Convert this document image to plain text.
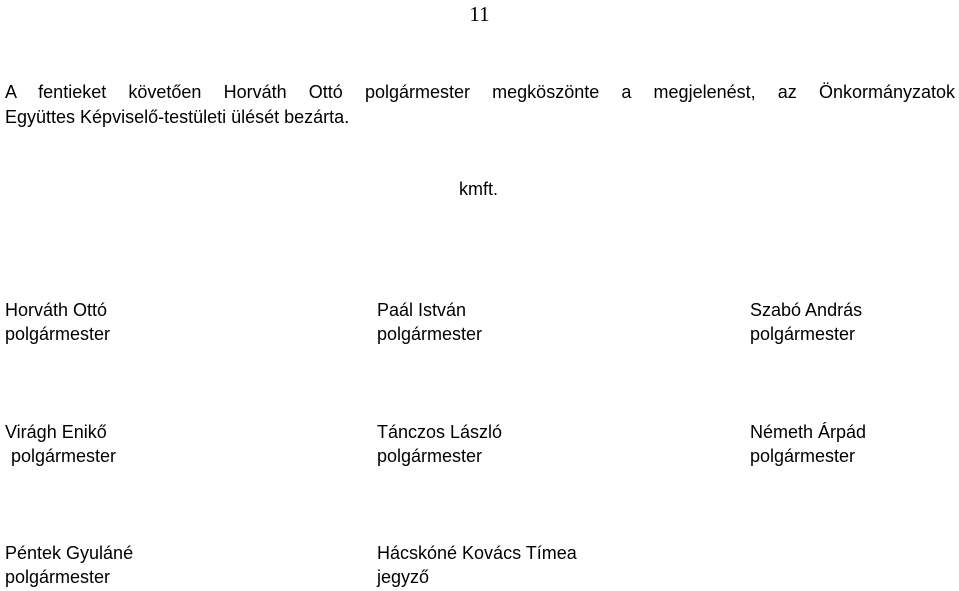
11
A fentieket követően Horváth Ottó polgármester megköszönte a megjelenést, az Önkormányzatok
Együttes Képviselő-testületi ülését bezárta.
kmft.
Horváth Ottó
polgármester
Paál István
polgármester
Szabó András
polgármester
Virágh Enikő
polgármester
Tánczos László
polgármester
Németh Árpád
polgármester
Péntek Gyuláné
polgármester
Hácskóné Kovács Tímea
jegyző
